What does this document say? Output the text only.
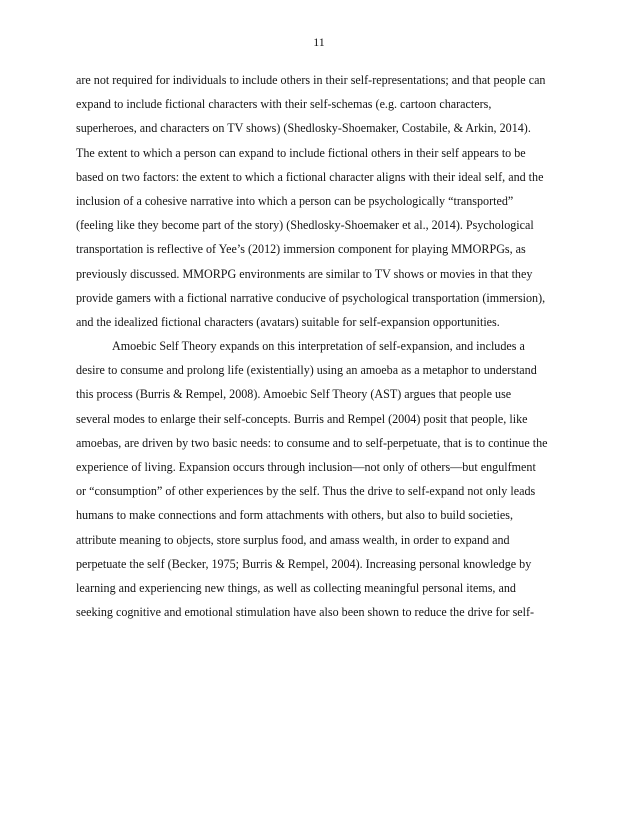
11
are not required for individuals to include others in their self-representations; and that people can
expand to include fictional characters with their self-schemas (e.g. cartoon characters,
superheroes, and characters on TV shows) (Shedlosky-Shoemaker, Costabile, & Arkin, 2014).
The extent to which a person can expand to include fictional others in their self appears to be
based on two factors: the extent to which a fictional character aligns with their ideal self, and the
inclusion of a cohesive narrative into which a person can be psychologically “transported”
(feeling like they become part of the story) (Shedlosky-Shoemaker et al., 2014). Psychological
transportation is reflective of Yee’s (2012) immersion component for playing MMORPGs, as
previously discussed. MMORPG environments are similar to TV shows or movies in that they
provide gamers with a fictional narrative conducive of psychological transportation (immersion),
and the idealized fictional characters (avatars) suitable for self-expansion opportunities.
Amoebic Self Theory expands on this interpretation of self-expansion, and includes a
desire to consume and prolong life (existentially) using an amoeba as a metaphor to understand
this process (Burris & Rempel, 2008). Amoebic Self Theory (AST) argues that people use
several modes to enlarge their self-concepts. Burris and Rempel (2004) posit that people, like
amoebas, are driven by two basic needs: to consume and to self-perpetuate, that is to continue the
experience of living. Expansion occurs through inclusion—not only of others—but engulfment
or “consumption” of other experiences by the self. Thus the drive to self-expand not only leads
humans to make connections and form attachments with others, but also to build societies,
attribute meaning to objects, store surplus food, and amass wealth, in order to expand and
perpetuate the self (Becker, 1975; Burris & Rempel, 2004). Increasing personal knowledge by
learning and experiencing new things, as well as collecting meaningful personal items, and
seeking cognitive and emotional stimulation have also been shown to reduce the drive for self-
